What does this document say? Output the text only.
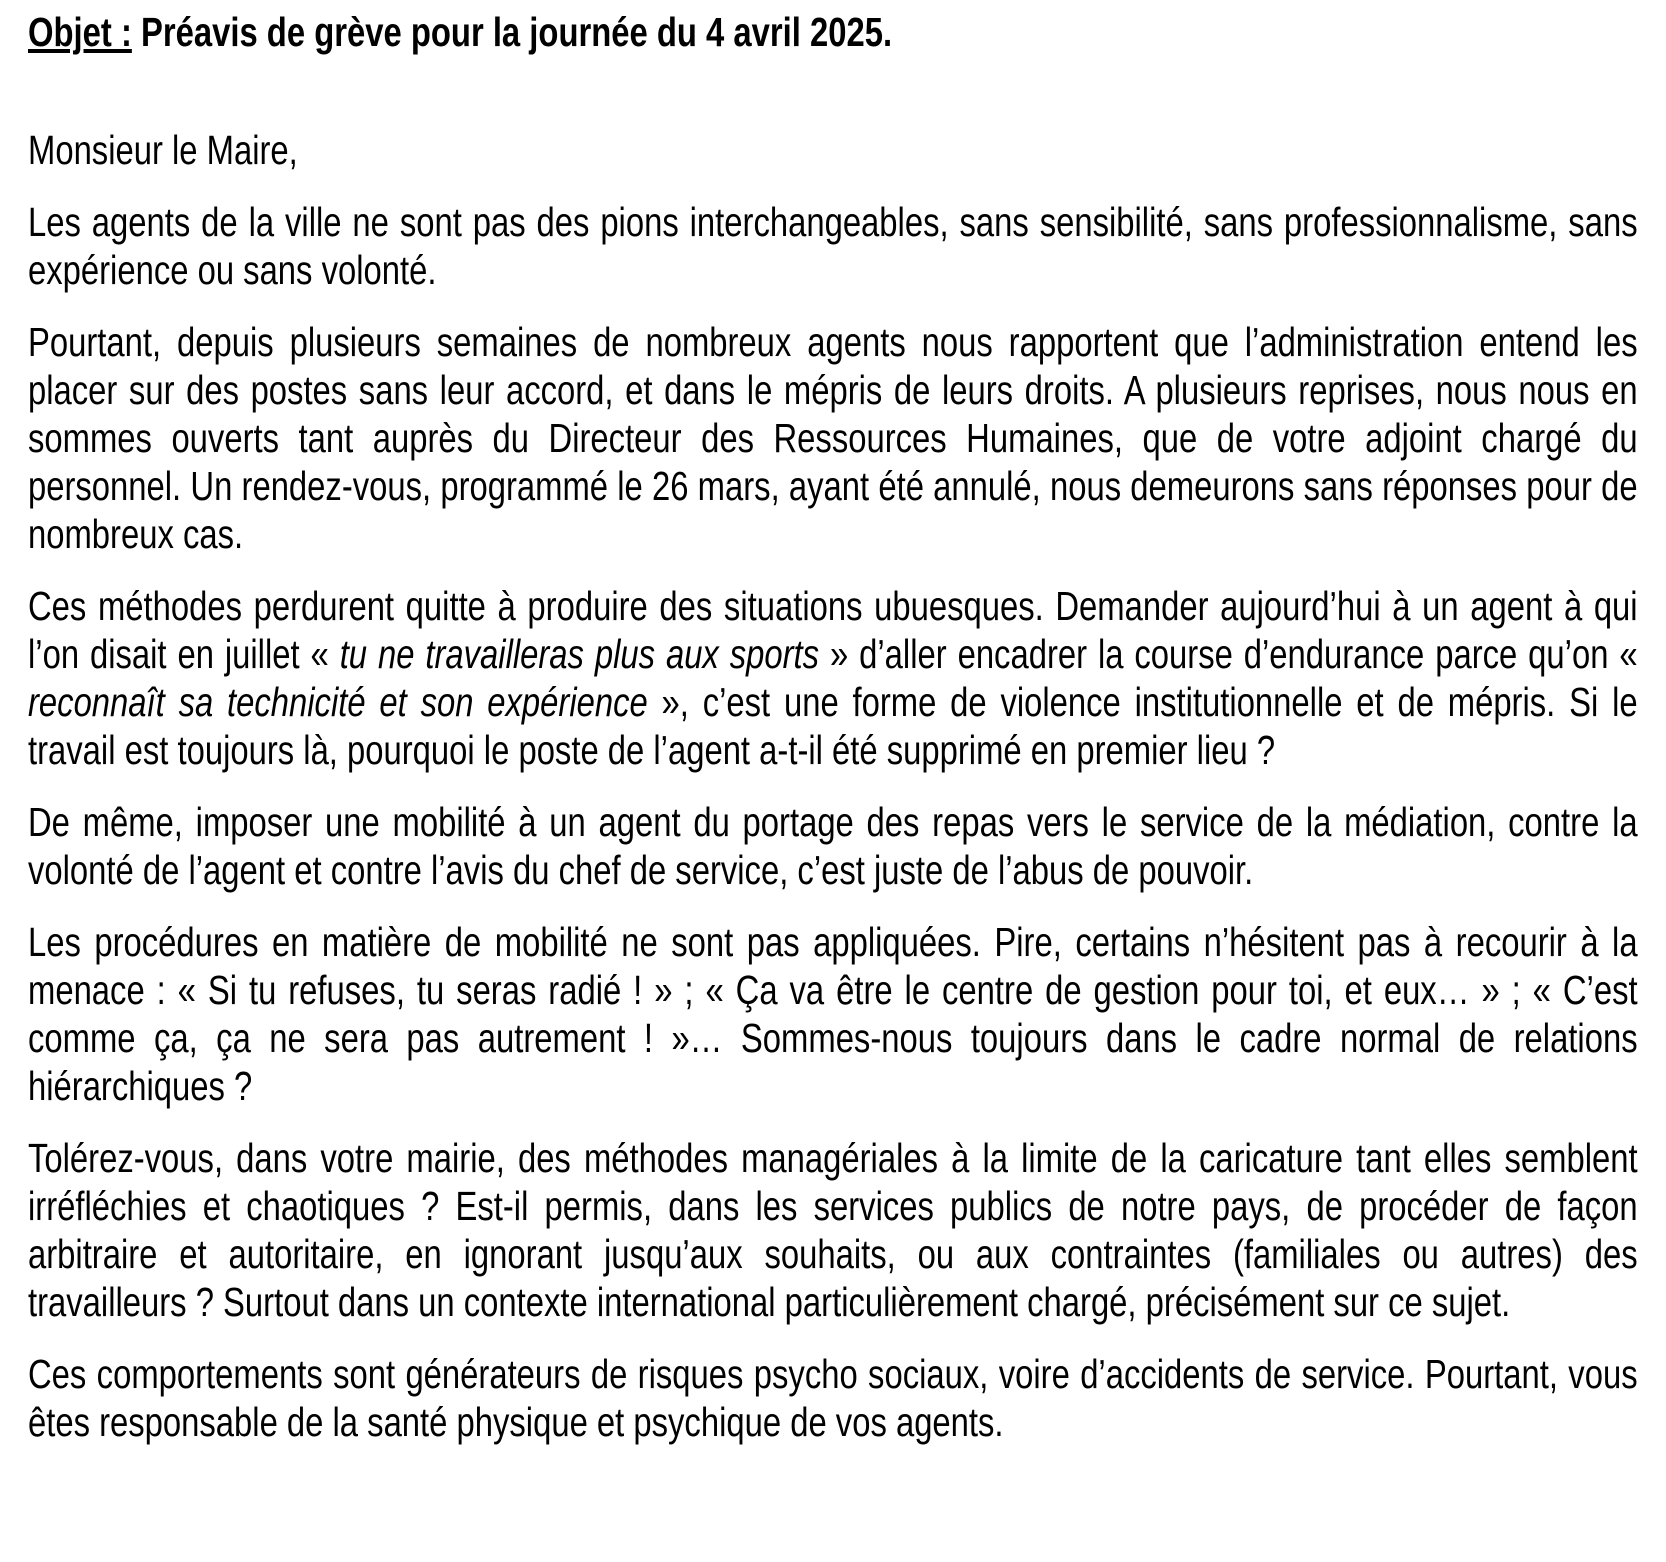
Objet : Préavis de grève pour la journée du 4 avril 2025.

Monsieur le Maire,

Les agents de la ville ne sont pas des pions interchangeables, sans sensibilité, sans professionnalisme, sans expérience ou sans volonté.

Pourtant, depuis plusieurs semaines de nombreux agents nous rapportent que l’administration entend les placer sur des postes sans leur accord, et dans le mépris de leurs droits. A plusieurs reprises, nous nous en sommes ouverts tant auprès du Directeur des Ressources Humaines, que de votre adjoint chargé du personnel. Un rendez-vous, programmé le 26 mars, ayant été annulé, nous demeurons sans réponses pour de nombreux cas.

Ces méthodes perdurent quitte à produire des situations ubuesques. Demander aujourd’hui à un agent à qui l’on disait en juillet « tu ne travailleras plus aux sports » d’aller encadrer la course d’endurance parce qu’on « reconnaît sa technicité et son expérience », c’est une forme de violence institutionnelle et de mépris. Si le travail est toujours là, pourquoi le poste de l’agent a-t-il été supprimé en premier lieu ?

De même, imposer une mobilité à un agent du portage des repas vers le service de la médiation, contre la volonté de l’agent et contre l’avis du chef de service, c’est juste de l’abus de pouvoir.

Les procédures en matière de mobilité ne sont pas appliquées. Pire, certains n’hésitent pas à recourir à la menace : « Si tu refuses, tu seras radié ! » ; « Ça va être le centre de gestion pour toi, et eux… » ; « C’est comme ça, ça ne sera pas autrement ! »… Sommes-nous toujours dans le cadre normal de relations hiérarchiques ?

Tolérez-vous, dans votre mairie, des méthodes managériales à la limite de la caricature tant elles semblent irréfléchies et chaotiques ? Est-il permis, dans les services publics de notre pays, de procéder de façon arbitraire et autoritaire, en ignorant jusqu’aux souhaits, ou aux contraintes (familiales ou autres) des travailleurs ? Surtout dans un contexte international particulièrement chargé, précisément sur ce sujet.

Ces comportements sont générateurs de risques psycho sociaux, voire d’accidents de service. Pourtant, vous êtes responsable de la santé physique et psychique de vos agents.
